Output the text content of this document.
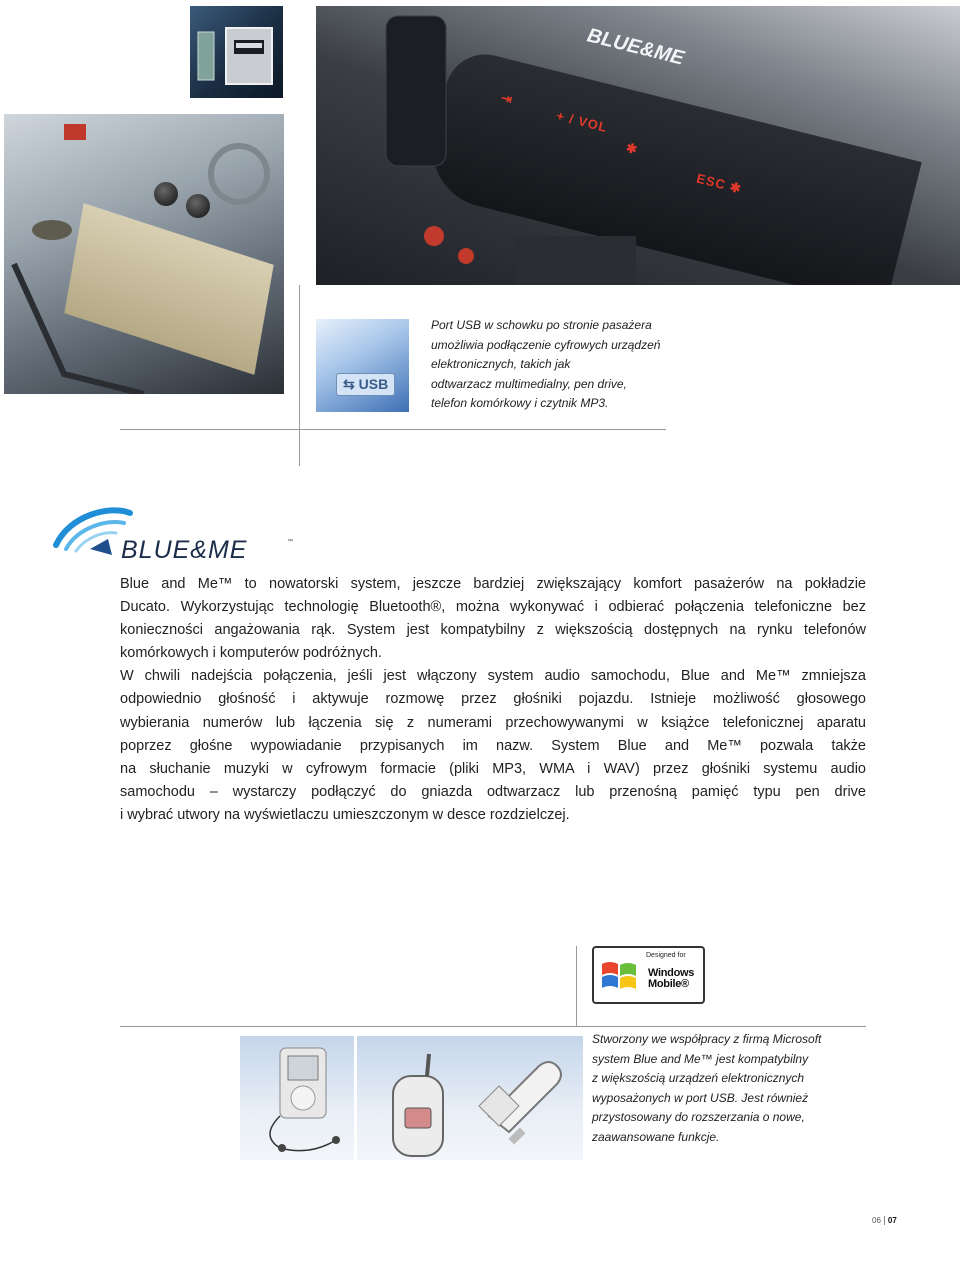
BLUE&ME
⇥
+ / VOL
✱
ESC ✱
⇆ USB
Port USB w schowku po stronie pasażera
umożliwia podłączenie cyfrowych urządzeń
elektronicznych, takich jak
odtwarzacz multimedialny, pen drive,
telefon komórkowy i czytnik MP3.
BLUE&ME	™
Blue and Me™ to nowatorski system, jeszcze bardziej zwiększający komfort pasażerów na pokładzie
Ducato. Wykorzystując technologię Bluetooth®, można wykonywać i odbierać połączenia telefoniczne bez
konieczności angażowania rąk. System jest kompatybilny z większością dostępnych na rynku telefonów
komórkowych i komputerów podróżnych.
W chwili nadejścia połączenia, jeśli jest włączony system audio samochodu, Blue and Me™ zmniejsza
odpowiednio głośność i aktywuje rozmowę przez głośniki pojazdu. Istnieje możliwość głosowego
wybierania numerów lub łączenia się z numerami przechowywanymi w książce telefonicznej aparatu
poprzez głośne wypowiadanie przypisanych im nazw. System Blue and Me™ pozwala także
na słuchanie muzyki w cyfrowym formacie (pliki MP3, WMA i WAV) przez głośniki systemu audio
samochodu – wystarczy podłączyć do gniazda odtwarzacz lub przenośną pamięć typu pen drive
i wybrać utwory na wyświetlaczu umieszczonym w desce rozdzielczej.
Designed for
Windows
Mobile®
Stworzony we współpracy z firmą Microsoft
system Blue and Me™ jest kompatybilny
z większością urządzeń elektronicznych
wyposażonych w port USB. Jest również
przystosowany do rozszerzania o nowe,
zaawansowane funkcje.
06 07
